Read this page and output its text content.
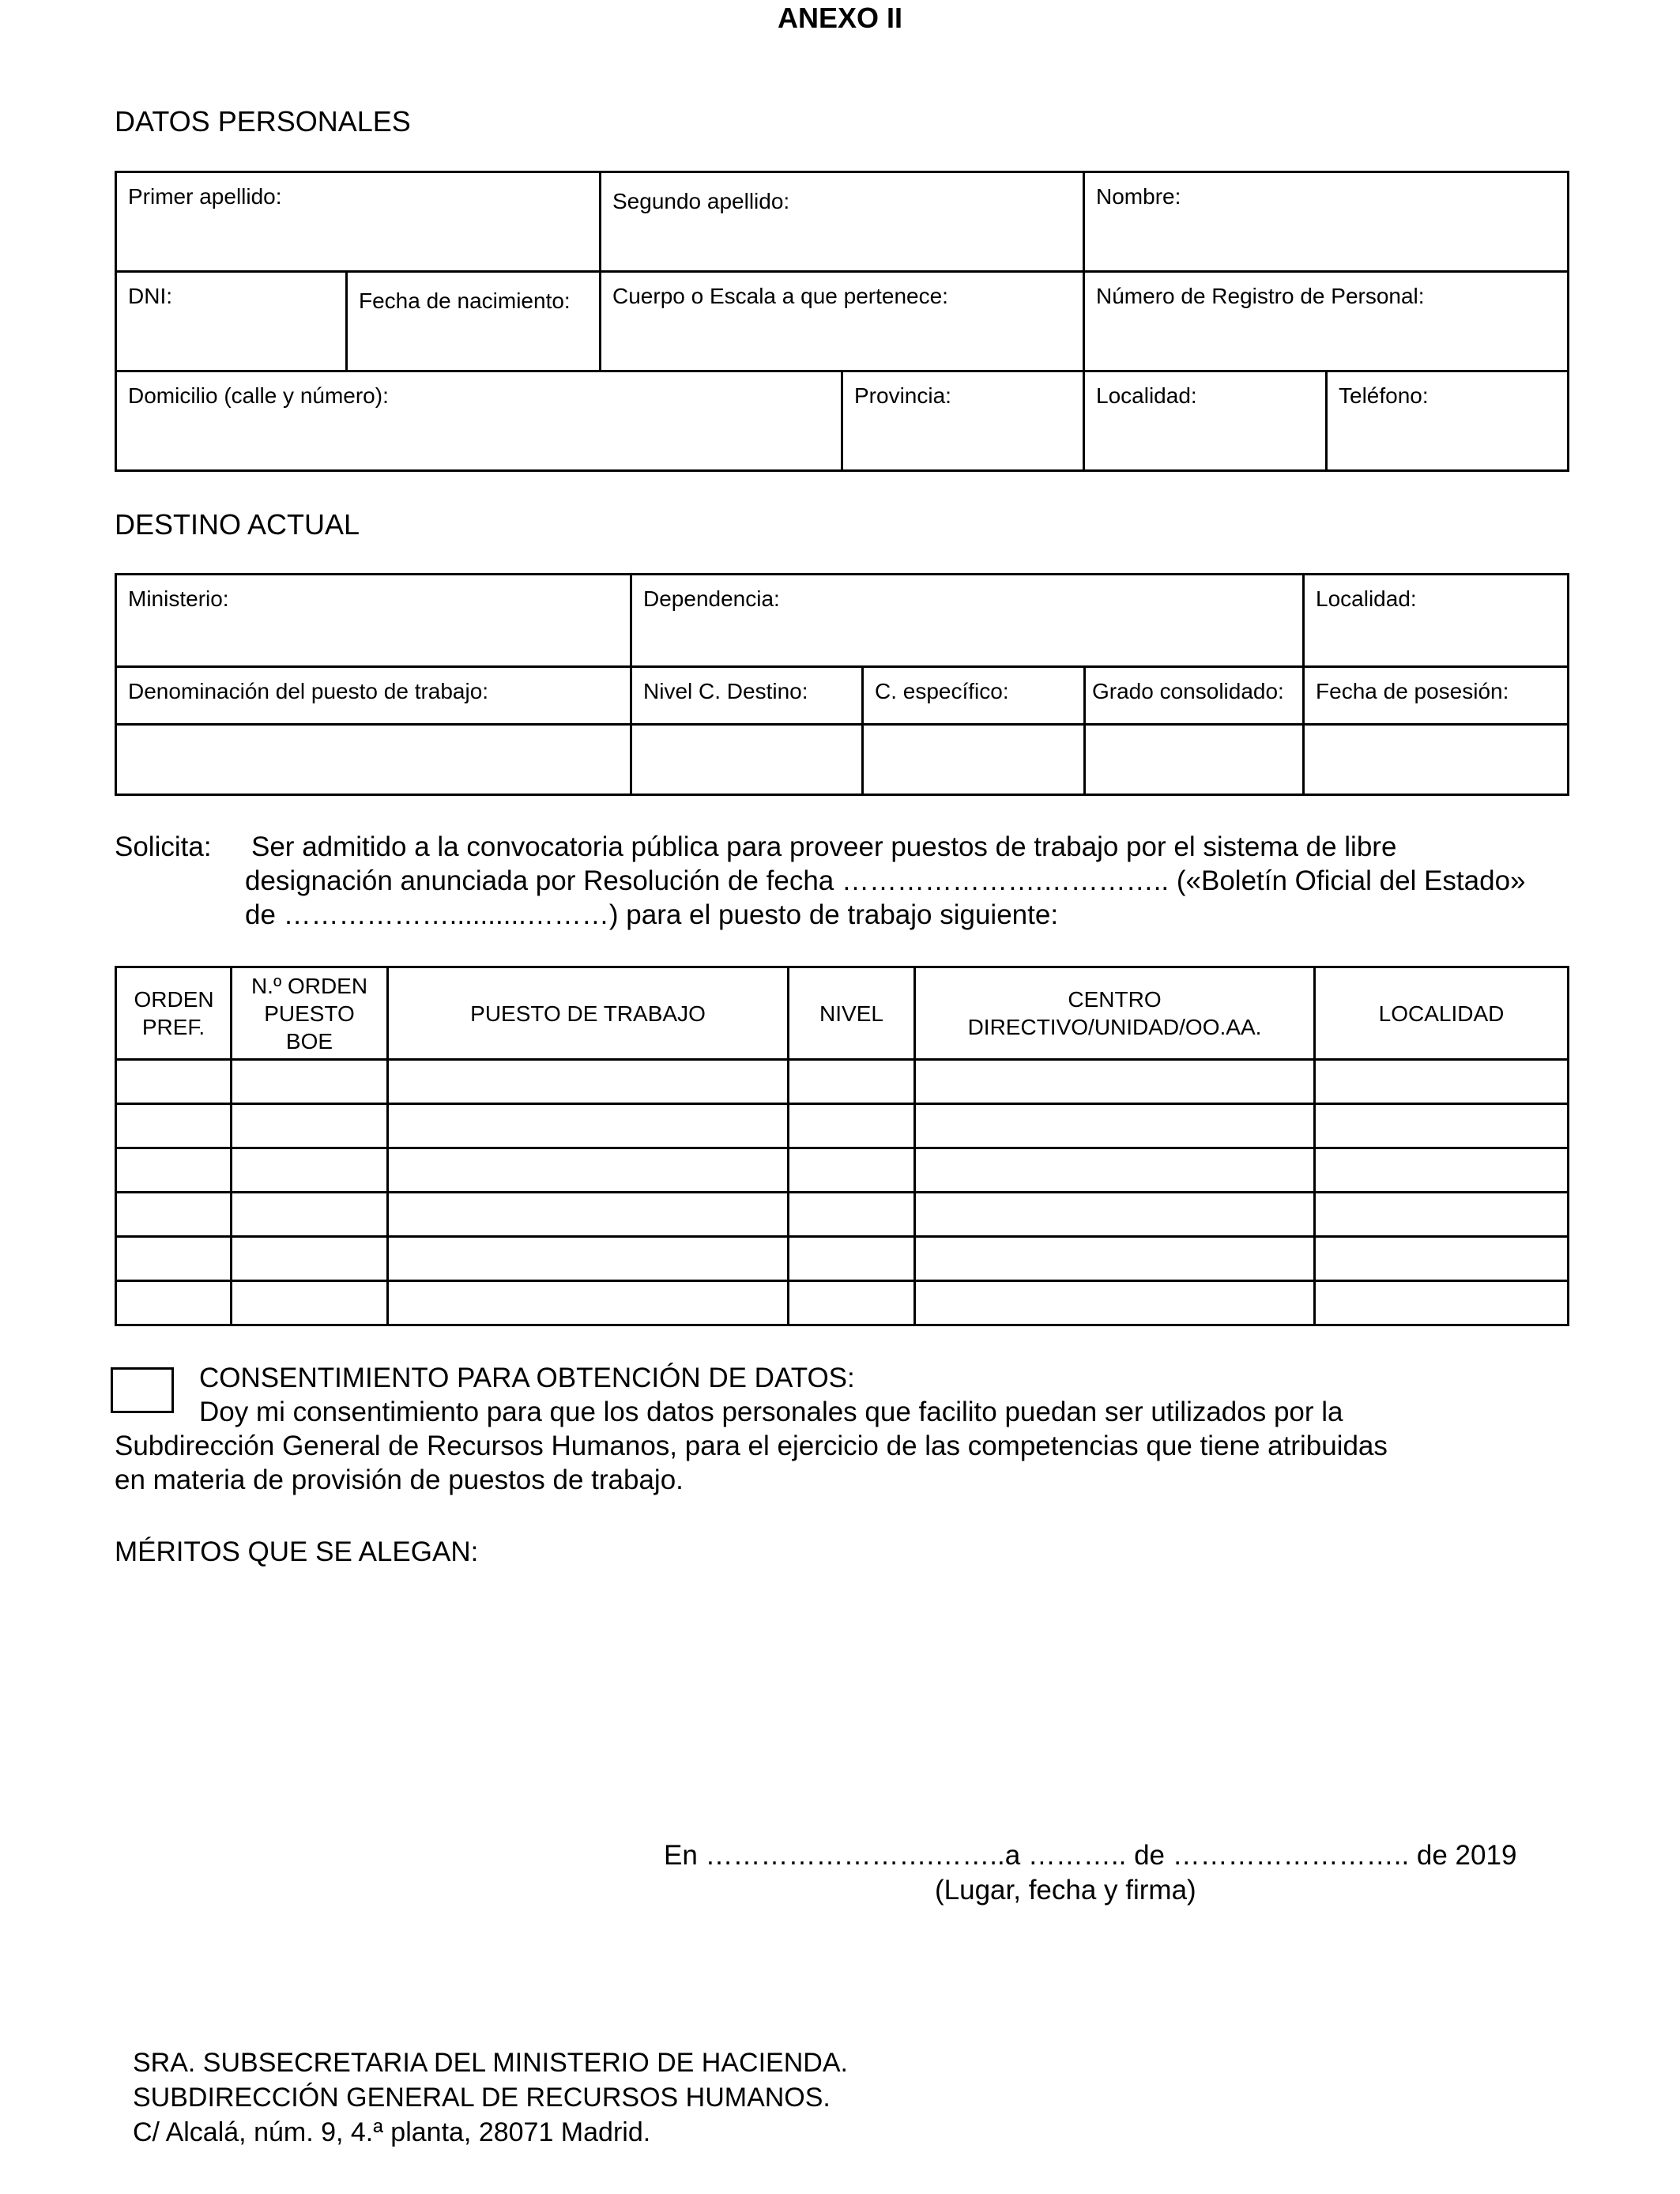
ANEXO II
DATOS PERSONALES
Primer apellido:		Segundo apellido:		Nombre:	

DNI:	Fecha de nacimiento:	Cuerpo o Escala a que pertenece:		Número de Registro de Personal:	

Domicilio (calle y número):			Provincia:	Localidad:	Teléfono:
DESTINO ACTUAL
Ministerio:	Dependencia:			Localidad:

Denominación del puesto de trabajo:	Nivel C. Destino:	C. específico:	Grado consolidado:	Fecha de posesión:

Solicita:	Ser admitido a la convocatoria pública para proveer puestos de trabajo por el sistema de libre
designación anunciada por Resolución de fecha ………………….………….. («Boletín Oficial del Estado»
de ………………..........………) para el puesto de trabajo siguiente:
ORDEN PREF.	N.º ORDEN PUESTO BOE	PUESTO DE TRABAJO	NIVEL	CENTRO DIRECTIVO/UNIDAD/OO.AA.	LOCALIDAD

CONSENTIMIENTO PARA OBTENCIÓN DE DATOS:
Doy mi consentimiento para que los datos personales que facilito puedan ser utilizados por la
Subdirección General de Recursos Humanos, para el ejercicio de las competencias que tiene atribuidas
en materia de provisión de puestos de trabajo.
MÉRITOS QUE SE ALEGAN:
En …………………….……..a ……….. de …………………….. de 2019
(Lugar, fecha y firma)
SRA. SUBSECRETARIA DEL MINISTERIO DE HACIENDA.
SUBDIRECCIÓN GENERAL DE RECURSOS HUMANOS.
C/ Alcalá, núm. 9, 4.ª planta, 28071 Madrid.
